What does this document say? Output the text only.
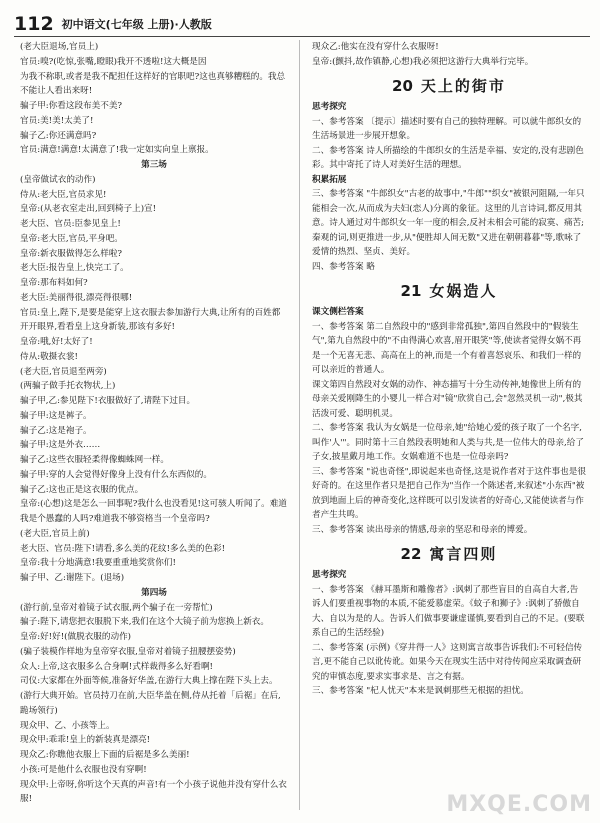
112 初中语文(七年级 上册)·人教版
(老大臣退场,官员上)
官员:嗅?(吃惊,张嘴,瞪眼)我开不透啦!这大概是因
为我不称职,或者是我不配担任这样好的官职吧?这也真够糟糕的。我总不能让人看出来呀!
骗子甲:你看这段布美不美?
官员:美!美!太美了!
骗子乙:你还满意吗?
官员:满意!满意!太满意了!我一定如实向皇上禀报。
第三场
(皇帝做试衣的动作)
侍从:老大臣,官员求见!
皇帝:(从老衣室走出,回到椅子上)宣!
老大臣、官员:臣参见皇上!
皇帝:老大臣,官员,平身吧。
皇帝:新衣服做得怎么样啦?
老大臣:报告皇上,快完工了。
皇帝:那布料如何?
老大臣:美丽得很,漂亮得很哪!
官员:皇上,陛下,是要是能穿上这衣服去参加游行大典,让所有的百姓都开开眼界,看看皇上这身新装,那该有多好!
皇帝:哦,好!太好了!
侍从:敬摄衣裳!
(老大臣,官员退至两旁)
(两骗子做手托衣物状,上)
骗子甲,乙:参见陛下!衣服做好了,请陛下过目。
骗子甲:这是裤子。
骗子乙:这是袍子。
骗子甲:这是外衣……
骗子乙:这些衣服轻柔得像蜘蛛网一样。
骗子甲:穿的人会觉得好像身上没有什么东西似的。
骗子乙:这也正是这衣服的优点。
皇帝:(心想)这是怎么一回事呢?我什么也没看见!这可骇人听闻了。难道我是个愚蠢的人吗?难道我不够资格当一个皇帝吗?
(老大臣,官员上前)
老大臣、官员:陛下!请看,多么美的花纹!多么美的色彩!
皇帝:我十分地满意!我要重重地奖赏你们!
骗子甲、乙:谢陛下。(退场)
第四场
(游行前,皇帝对着镜子试衣服,两个骗子在一旁帮忙)
骗子:陛下,请您把衣服脱下来,我们在这个大镜子前为您换上新衣。
皇帝:好!好!(做脱衣服的动作)
(骗子装模作样地为皇帝穿衣服,皇帝对着镜子扭腰摆姿势)
众人:上帝,这衣服多么合身啊!式样裁得多么好看啊!
司仪:大家都在外面等候,准备好华盖,在游行大典上撑在陛下头上去。
(游行大典开始。官员持刀在前,大臣华盖在侧,侍从托着「后裾」在后,跪场领行)
现众甲、乙、小孩等上。
现众甲:乖乖!皇上的新装真是漂亮!
现众乙:你瞧他衣服上下面的后裾是多么美丽!
小孩:可是他什么衣服也没有穿啊!
现众甲:上帝呀,你听这个天真的声音!有一个小孩子说他并没有穿什么衣服!
现众乙:他实在没有穿什么衣服呀!
皇帝:(颤抖,故作镇静,心想)我必须把这游行大典举行完毕。
20 天上的街市
思考探究
一、参考答案 〔提示〕描述时要有自己的独特理解。可以就牛郎织女的生活场景进一步展开想象。
二、参考答案 诗人所描绘的牛郎织女的生活是幸福、安定的,没有悲剧色彩。其中寄托了诗人对美好生活的理想。
积累拓展
三、参考答案 "牛郎织女"古老的故事中,"牛郎""织女"被银河阻隔,一年只能相会一次,从而成为夫妇(恋人)分离的象征。这里的儿言诗词,都反用其意。诗人通过对牛郎织女一年一度的相会,反衬未相会可能的寂寞、痛苦;秦观的词,则更推进一步,从"便胜却人间无数"又进在朝朝暮暮"等,歌咏了爱情的热烈、坚贞、美好。
四、参考答案 略
21 女娲造人
课文侧栏答案
一、参考答案 第二自然段中的"感到非常孤独",第四自然段中的"假装生气",第九自然段中的"不由得满心欢喜,眉开眼笑"等,使读者觉得女娲不再是一个无喜无悲、高高在上的神,而是一个有着喜怒哀乐、和我们一样的可以亲近的普通人。
课文第四自然段对女娲的动作、神态描写十分生动传神,她像世上所有的母亲关爱刚降生的小婴儿一样合对"镜"欣赏自己,会"忽然灵机一动",极其活泼可爱、聪明机灵。
二、参考答案 我认为女娲是一位母亲,她"给她心爱的孩子取了一个名字,叫作'人'"。同时第十三自然段表明她和人类与共,是一位伟大的母亲,给了子女,披星戴月地工作。女娲难道不也是一位母亲吗?
三、参考答案 "说也奇怪",即说起来也奇怪,这是说作者对于这件事也是很好奇的。在这里作者只是把自己作为"当作一个陈述者,来叙述"小东西"被放到地面上后的神奇变化,这样既可以引发读者的好奇心,又能使读者与作者产生共鸣。
三、参考答案 读出母亲的情感,母亲的坚忍和母亲的博爱。
22 寓言四则
思考探究
一、参考答案 《赫耳墨斯和雕像者》:讽刺了那些盲目的自高自大者,告诉人们要重视事物的本质,不能爱慕虚荣。《蚊子和狮子》:讽刺了骄傲自大、自以为是的人。告诉人们做事要谦虚谨慎,要看到自己的不足。(要联系自己的生活经验)
二、参考答案 (示例)《穿井得一人》这则寓言故事告诉我们:不可轻信传言,更不能自己以讹传讹。如果今天在现实生活中对待传闻应采取调查研究的审慎态度,要求实事求是、言之有据。
三、参考答案 "杞人忧天"本来是讽刺那些无根据的担忧。
MXQE.COM
